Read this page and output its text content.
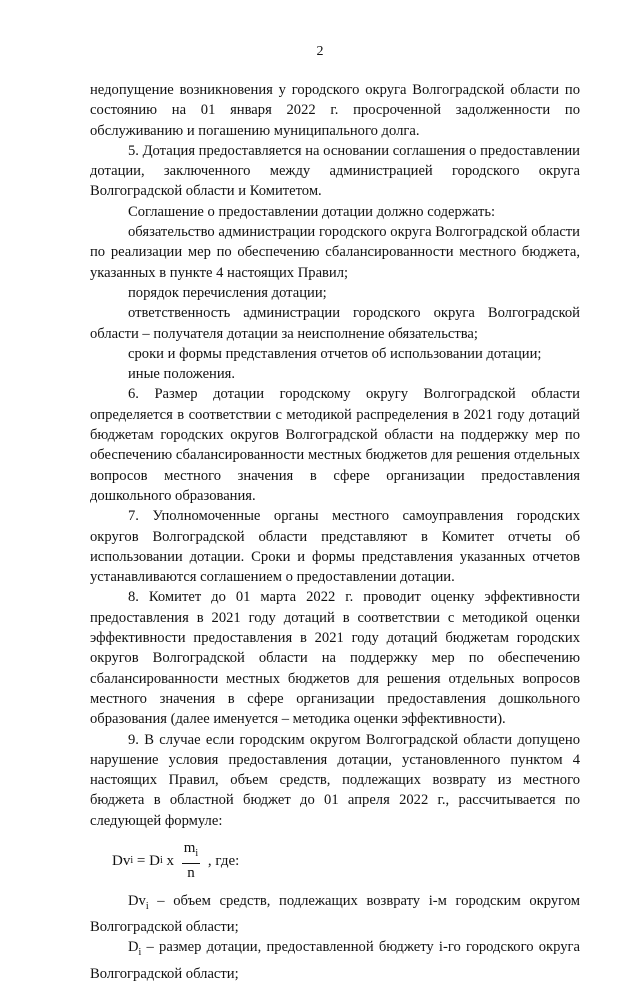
2

недопущение возникновения у городского округа Волгоградской области по состоянию на 01 января 2022 г. просроченной задолженности по обслуживанию и погашению муниципального долга.

5. Дотация предоставляется на основании соглашения о предоставлении дотации, заключенного между администрацией городского округа Волгоградской области и Комитетом.

Соглашение о предоставлении дотации должно содержать:

обязательство администрации городского округа Волгоградской области по реализации мер по обеспечению сбалансированности местного бюджета, указанных в пункте 4 настоящих Правил;

порядок перечисления дотации;

ответственность администрации городского округа Волгоградской области – получателя дотации за неисполнение обязательства;

сроки и формы представления отчетов об использовании дотации;

иные положения.

6. Размер дотации городскому округу Волгоградской области определяется в соответствии с методикой распределения в 2021 году дотаций бюджетам городских округов Волгоградской области на поддержку мер по обеспечению сбалансированности местных бюджетов для решения отдельных вопросов местного значения в сфере организации предоставления дошкольного образования.

7. Уполномоченные органы местного самоуправления городских округов Волгоградской области представляют в Комитет отчеты об использовании дотации. Сроки и формы представления указанных отчетов устанавливаются соглашением о предоставлении дотации.

8. Комитет до 01 марта 2022 г. проводит оценку эффективности предоставления в 2021 году дотаций в соответствии с методикой оценки эффективности предоставления в 2021 году дотаций бюджетам городских округов Волгоградской области на поддержку мер по обеспечению сбалансированности местных бюджетов для решения отдельных вопросов местного значения в сфере организации предоставления дошкольного образования (далее именуется – методика оценки эффективности).

9. В случае если городским округом Волгоградской области допущено нарушение условия предоставления дотации, установленного пунктом 4 настоящих Правил, объем средств, подлежащих возврату из местного бюджета в областной бюджет до 01 апреля 2022 г., рассчитывается по следующей формуле:

Dv i = D i x $\frac{m_i}{n}$ , где:

$Dv_i$ – объем средств, подлежащих возврату i-м городским округом Волгоградской области;

$D_i$ – размер дотации, предоставленной бюджету i-го городского округа Волгоградской области;
